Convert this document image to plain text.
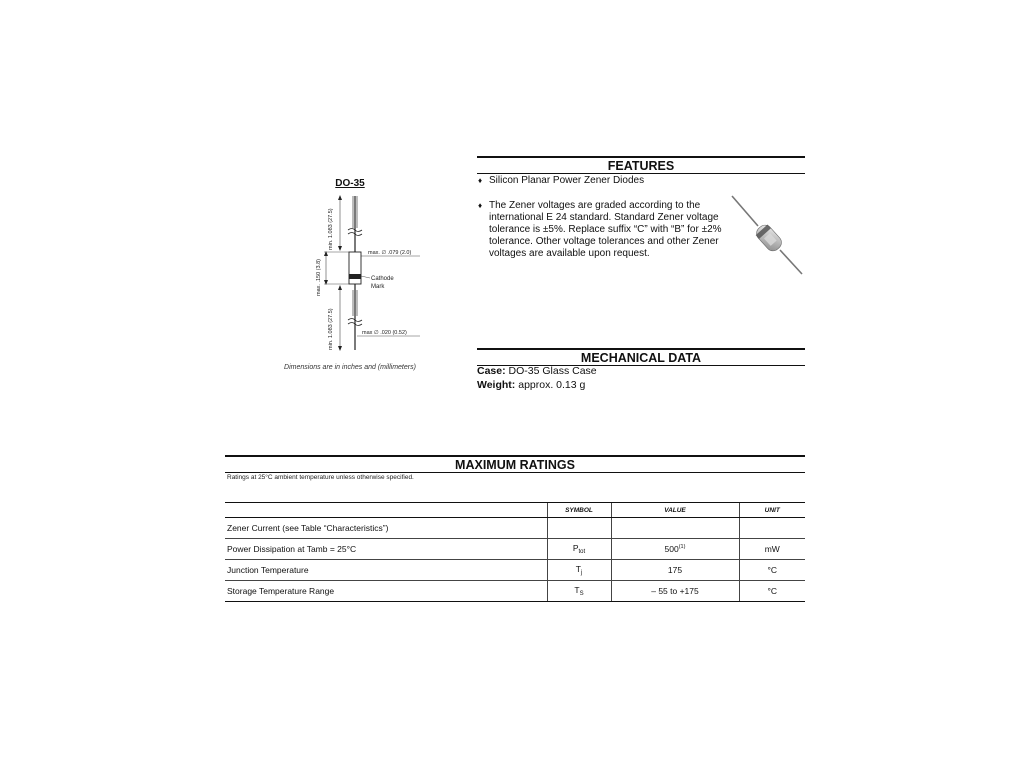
DO-35
min. 1.083 (27.5)
max. .150 (3.8)
max. ∅ .079 (2.0)
Cathode
Mark
min. 1.083 (27.5)	max ∅ .020 (0.52)
Dimensions are in inches and (millimeters)
FEATURES
♦ Silicon Planar Power Zener Diodes
♦ The Zener voltages are graded according to the international E 24 standard. Standard Zener voltage tolerance is ±5%. Replace suffix “C” with “B” for ±2% tolerance. Other voltage tolerances and other Zener voltages are available upon request.
MECHANICAL DATA
Case: DO-35 Glass Case
Weight: approx. 0.13 g
MAXIMUM RATINGS
Ratings at 25°C ambient temperature unless otherwise specified.
	SYMBOL	VALUE	UNIT
Zener Current (see Table “Characteristics”)			
Power Dissipation at Tamb = 25°C	$P_{tot}$	500$^{(1)}$	mW
Junction Temperature	$T_j$	175	°C
Storage Temperature Range	$T_S$	– 55 to +175	°C
